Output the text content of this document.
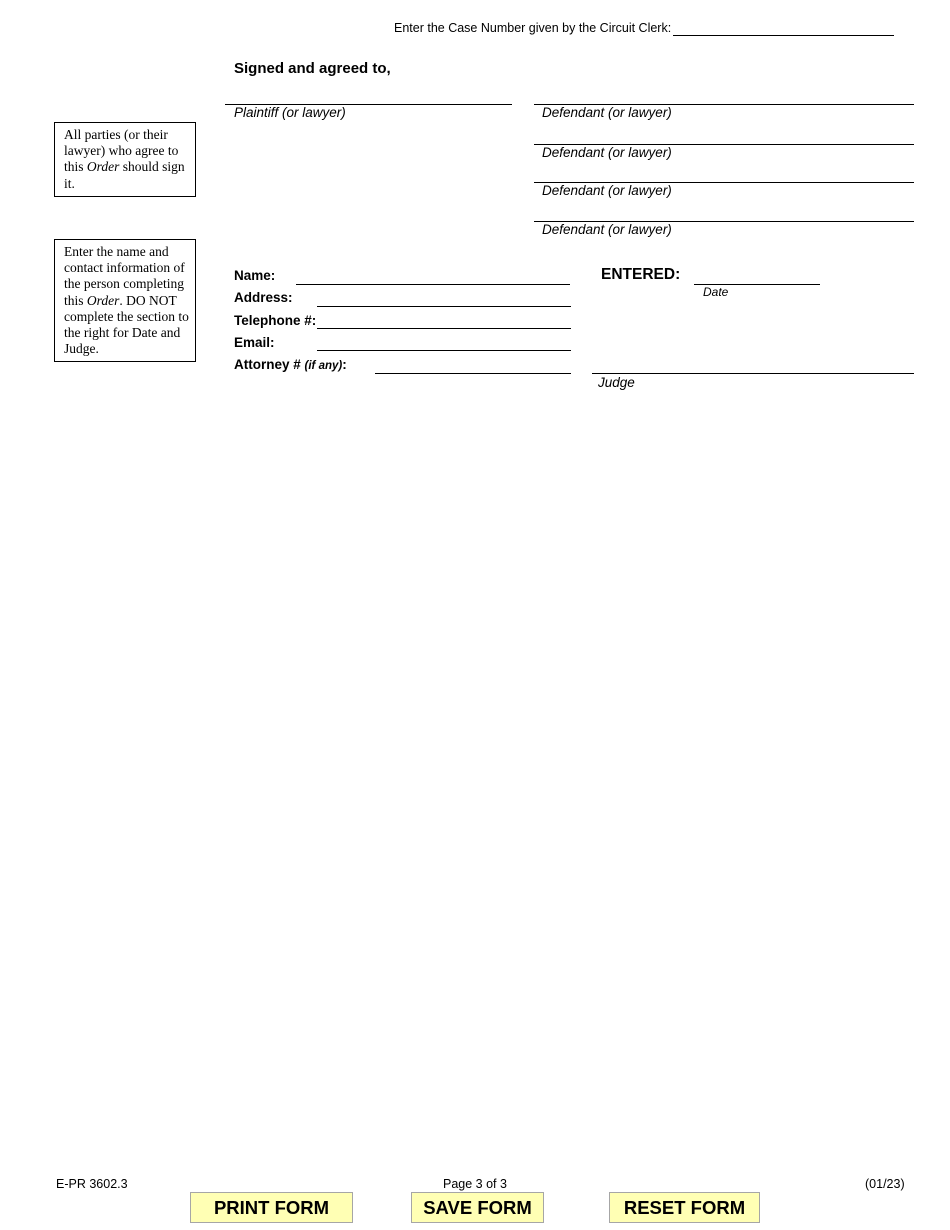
Enter the Case Number given by the Circuit Clerk:
Signed and agreed to,
Plaintiff (or lawyer)	Defendant (or lawyer)
Defendant (or lawyer)
Defendant (or lawyer)
Defendant (or lawyer)
All parties (or their lawyer) who agree to this Order should sign it.
Enter the name and contact information of the person completing this Order. DO NOT complete the section to the right for Date and Judge.
Name:
Address:
Telephone #:
Email:
Attorney # (if any):
ENTERED:
Date
Judge
E-PR 3602.3	Page 3 of 3	(01/23)
PRINT FORM	SAVE FORM	RESET FORM
